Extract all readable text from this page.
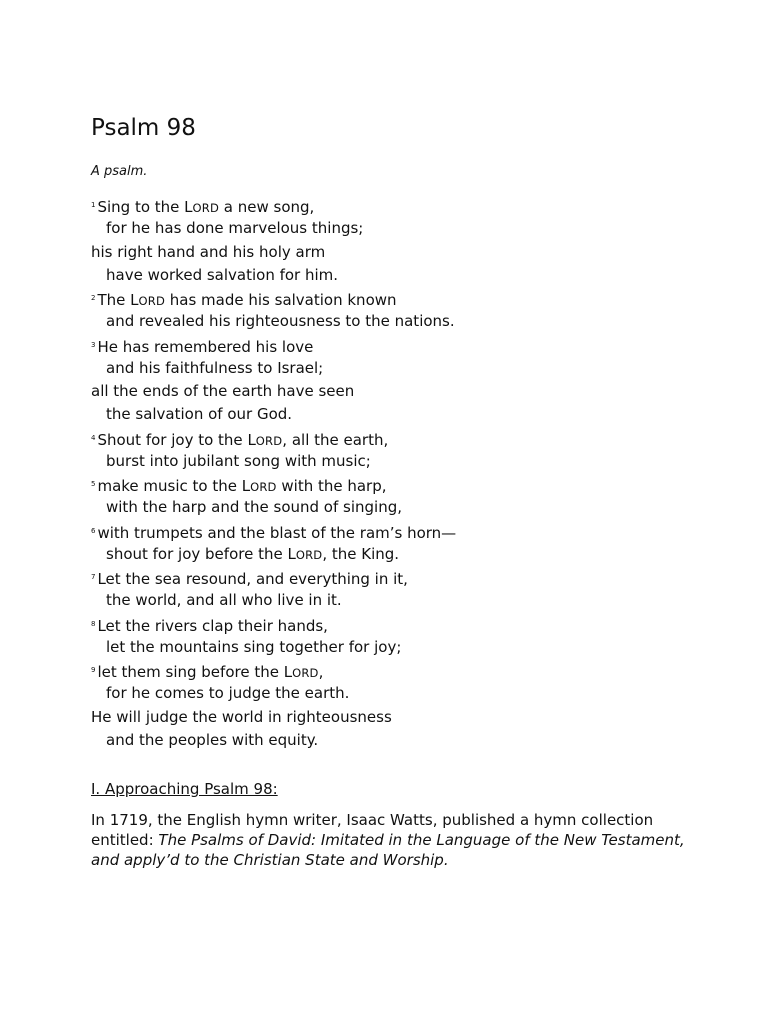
Psalm 98

A psalm.

$^1$ Sing to the LORD a new song,
for he has done marvelous things;
his right hand and his holy arm
have worked salvation for him.
$^2$ The LORD has made his salvation known
and revealed his righteousness to the nations.
$^3$ He has remembered his love
and his faithfulness to Israel;
all the ends of the earth have seen
the salvation of our God.
$^4$ Shout for joy to the LORD, all the earth,
burst into jubilant song with music;
$^5$ make music to the LORD with the harp,
with the harp and the sound of singing,
$^6$ with trumpets and the blast of the ram’s horn—
shout for joy before the LORD, the King.
$^7$ Let the sea resound, and everything in it,
the world, and all who live in it.
$^8$ Let the rivers clap their hands,
let the mountains sing together for joy;
$^9$ let them sing before the LORD,
for he comes to judge the earth.
He will judge the world in righteousness
and the peoples with equity.

I. Approaching Psalm 98:

In 1719, the English hymn writer, Isaac Watts, published a hymn collection entitled: The Psalms of David: Imitated in the Language of the New Testament, and apply’d to the Christian State and Worship.
